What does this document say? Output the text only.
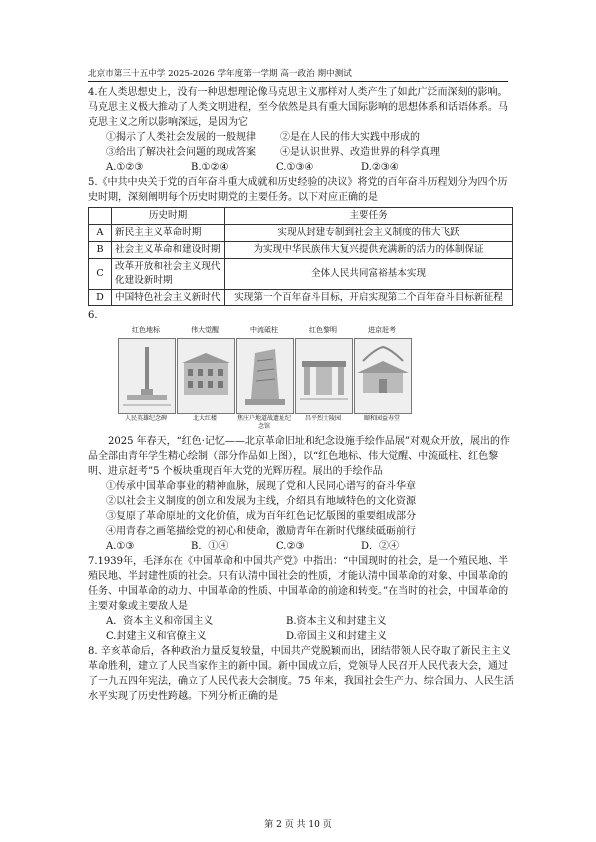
北京市第三十五中学 2025-2026 学年度第一学期 高一政治 期中测试

4.在人类思想史上，没有一种思想理论像马克思主义那样对人类产生了如此广泛而深刻的影响。马克思主义极大推动了人类文明进程，至今依然是具有重大国际影响的思想体系和话语体系。马克思主义之所以影响深远，是因为它

①揭示了人类社会发展的一般规律	②是在人民的伟大实践中形成的
③给出了解决社会问题的现成答案	④是认识世界、改造世界的科学真理
A.①②③	B.①②④	C.①③④	D.②③④

5.《中共中央关于党的百年奋斗重大成就和历史经验的决议》将党的百年奋斗历程划分为四个历史时期，深刻阐明每个历史时期党的主要任务。以下对应正确的是

	历史时期	主要任务
A	新民主主义革命时期	实现从封建专制到社会主义制度的伟大飞跃
B	社会主义革命和建设时期	为实现中华民族伟大复兴提供充满新的活力的体制保证
C	改革开放和社会主义现代化建设新时期	全体人民共同富裕基本实现
D	中国特色社会主义新时代	实现第一个百年奋斗目标，开启实现第二个百年奋斗目标新征程

6.

红色地标
人民英雄纪念碑
伟大觉醒
北大红楼
中流砥柱
焦庄户地道战遗址纪念馆
红色黎明
昌平烈士陵园
进京赶考
颐和园益寿堂

2025 年春天，“红色·记忆——北京革命旧址和纪念设施手绘作品展”对观众开放，展出的作品全部由青年学生精心绘制（部分作品如上图），以“红色地标、伟大觉醒、中流砥柱、红色黎明、进京赶考”5 个板块重现百年大党的光辉历程。展出的手绘作品

①传承中国革命事业的精神血脉，展现了党和人民同心谱写的奋斗华章

②以社会主义制度的创立和发展为主线，介绍具有地域特色的文化资源

③复原了革命原址的文化价值，成为百年红色记忆版图的重要组成部分

④用青春之画笔描绘党的初心和使命，激励青年在新时代继续砥砺前行

A.①③	B．①④	C.②③	D．②④

7.1939年，毛泽东在《中国革命和中国共产党》中指出：“中国现时的社会，是一个殖民地、半殖民地、半封建性质的社会。只有认清中国社会的性质，才能认清中国革命的对象、中国革命的任务、中国革命的动力、中国革命的性质、中国革命的前途和转变。”在当时的社会，中国革命的主要对象或主要敌人是

A．资本主义和帝国主义	B.资本主义和封建主义
C.封建主义和官僚主义	D.帝国主义和封建主义

8. 辛亥革命后，各种政治力量反复较量，中国共产党脱颖而出，团结带领人民夺取了新民主主义革命胜利，建立了人民当家作主的新中国。新中国成立后，党领导人民召开人民代表大会，通过了一九五四年宪法，确立了人民代表大会制度。75 年来，我国社会生产力、综合国力、人民生活水平实现了历史性跨越。下列分析正确的是

第 2 页 共 10 页
